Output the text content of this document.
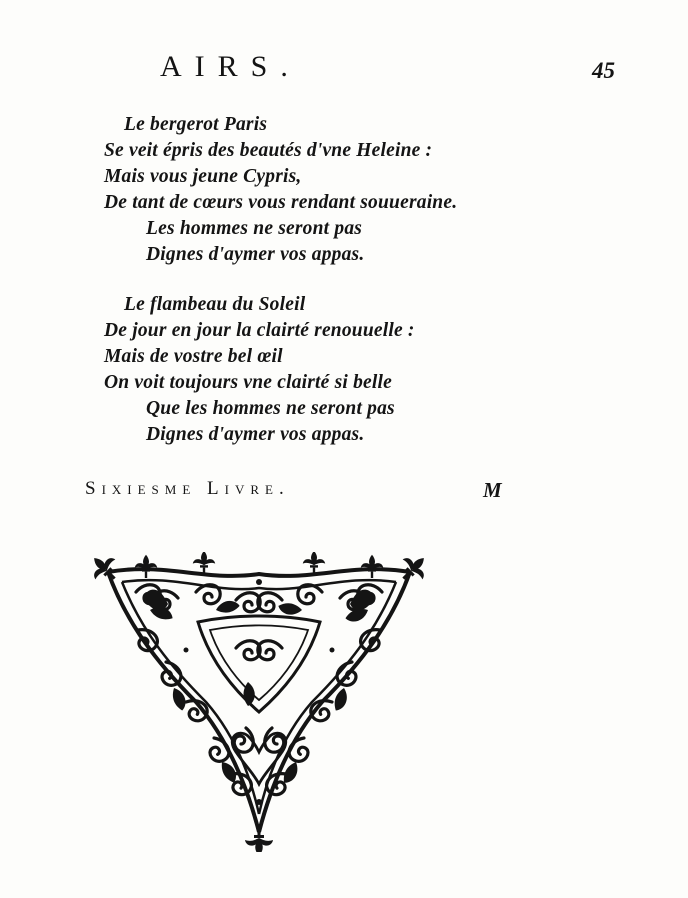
AIRS.	45
Le bergerot Paris
Se veit épris des beautés d'vne Heleine :
Mais vous jeune Cypris,
De tant de cœurs vous rendant souueraine.
Les hommes ne seront pas
Dignes d'aymer vos appas.
Le flambeau du Soleil
De jour en jour la clairté renouuelle :
Mais de vostre bel œil
On voit toujours vne clairté si belle
Que les hommes ne seront pas
Dignes d'aymer vos appas.
Sixiesme Livre.	M
